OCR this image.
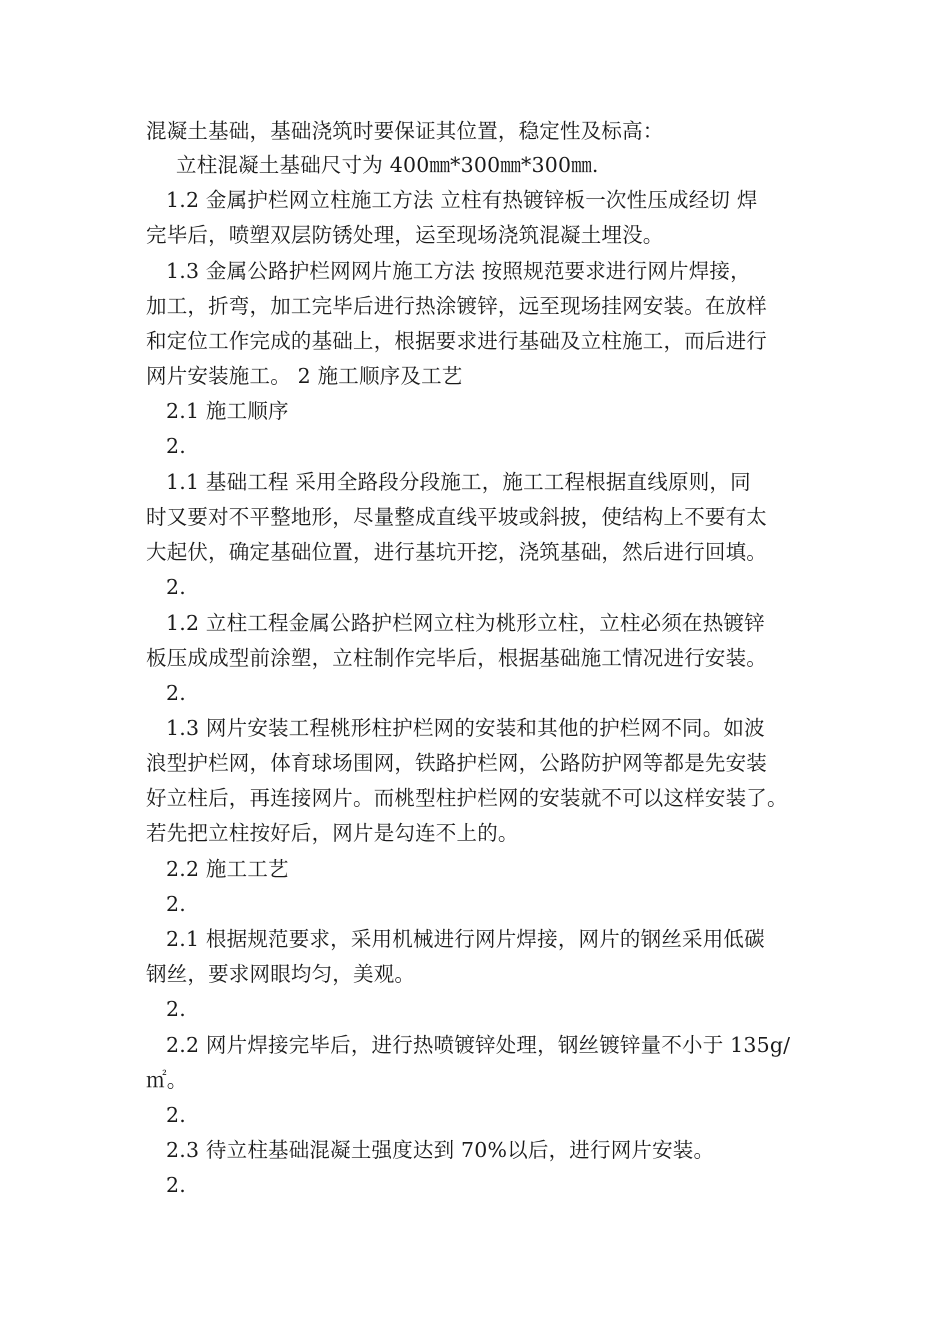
混凝土基础，基础浇筑时要保证其位置，稳定性及标高：
立柱混凝土基础尺寸为 400㎜*300㎜*300㎜.
1.2 金属护栏网立柱施工方法 立柱有热镀锌板一次性压成经切 焊
完毕后，喷塑双层防锈处理，运至现场浇筑混凝土埋没。
1.3 金属公路护栏网网片施工方法 按照规范要求进行网片焊接，
加工，折弯，加工完毕后进行热涂镀锌，远至现场挂网安装。在放样
和定位工作完成的基础上，根据要求进行基础及立柱施工，而后进行
网片安装施工。 2 施工顺序及工艺
2.1 施工顺序
2.
1.1 基础工程 采用全路段分段施工，施工工程根据直线原则，同
时又要对不平整地形，尽量整成直线平坡或斜披，使结构上不要有太
大起伏，确定基础位置，进行基坑开挖，浇筑基础，然后进行回填。
2.
1.2 立柱工程金属公路护栏网立柱为桃形立柱，立柱必须在热镀锌
板压成成型前涂塑，立柱制作完毕后，根据基础施工情况进行安装。
2.
1.3 网片安装工程桃形柱护栏网的安装和其他的护栏网不同。如波
浪型护栏网，体育球场围网，铁路护栏网，公路防护网等都是先安装
好立柱后，再连接网片。而桃型柱护栏网的安装就不可以这样安装了。
若先把立柱按好后，网片是勾连不上的。
2.2 施工工艺
2.
2.1 根据规范要求，采用机械进行网片焊接，网片的钢丝采用低碳
钢丝，要求网眼均匀，美观。
2.
2.2 网片焊接完毕后，进行热喷镀锌处理，钢丝镀锌量不小于 135g/
㎡。
2.
2.3 待立柱基础混凝土强度达到 70%以后，进行网片安装。
2.
